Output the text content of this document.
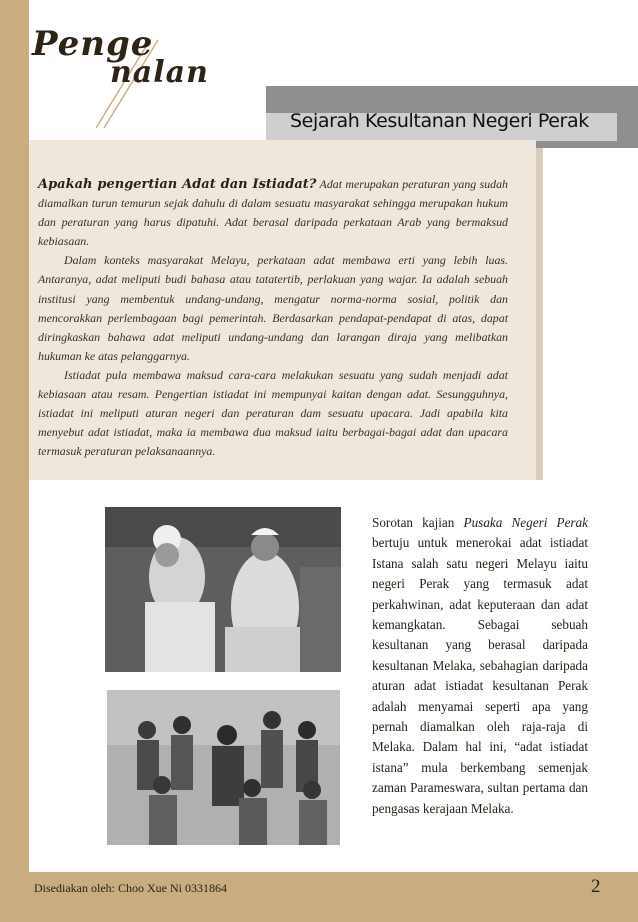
Penge
nalan
Sejarah Kesultanan Negeri Perak

Apakah pengertian Adat dan Istiadat? Adat merupakan peraturan yang sudah diamalkan turun temurun sejak dahulu di dalam sesuatu masyarakat sehingga merupakan hukum dan peraturan yang harus dipatuhi. Adat berasal daripada perkataan Arab yang bermaksud kebiasaan.

Dalam konteks masyarakat Melayu, perkataan adat membawa erti yang lebih luas. Antaranya, adat meliputi budi bahasa atau tatatertib, perlakuan yang wajar. Ia adalah sebuah institusi yang membentuk undang-undang, mengatur norma-norma sosial, politik dan mencorakkan perlembagaan bagi pemerintah. Berdasarkan pendapat-pendapat di atas, dapat diringkaskan bahawa adat meliputi undang-undang dan larangan diraja yang melibatkan hukuman ke atas pelanggarnya.

Istiadat pula membawa maksud cara-cara melakukan sesuatu yang sudah menjadi adat kebiasaan atau resam. Pengertian istiadat ini mempunyai kaitan dengan adat. Sesungguhnya, istiadat ini meliputi aturan negeri dan peraturan dam sesuatu upacara. Jadi apabila kita menyebut adat istiadat, maka ia membawa dua maksud iaitu berbagai-bagai adat dan upacara termasuk peraturan pelaksanaannya.

Sorotan kajian Pusaka Negeri Perak bertuju untuk menerokai adat istiadat Istana salah satu negeri Melayu iaitu negeri Perak yang termasuk adat perkahwinan, adat keputeraan dan adat kemangkatan. Sebagai sebuah kesultanan yang berasal daripada kesultanan Melaka, sebahagian daripada aturan adat istiadat kesultanan Perak adalah menyamai seperti apa yang pernah diamalkan oleh raja-raja di Melaka. Dalam hal ini, “adat istiadat istana” mula berkembang semenjak zaman Parameswara, sultan pertama dan pengasas kerajaan Melaka.

Disediakan oleh: Choo Xue Ni 0331864	2
